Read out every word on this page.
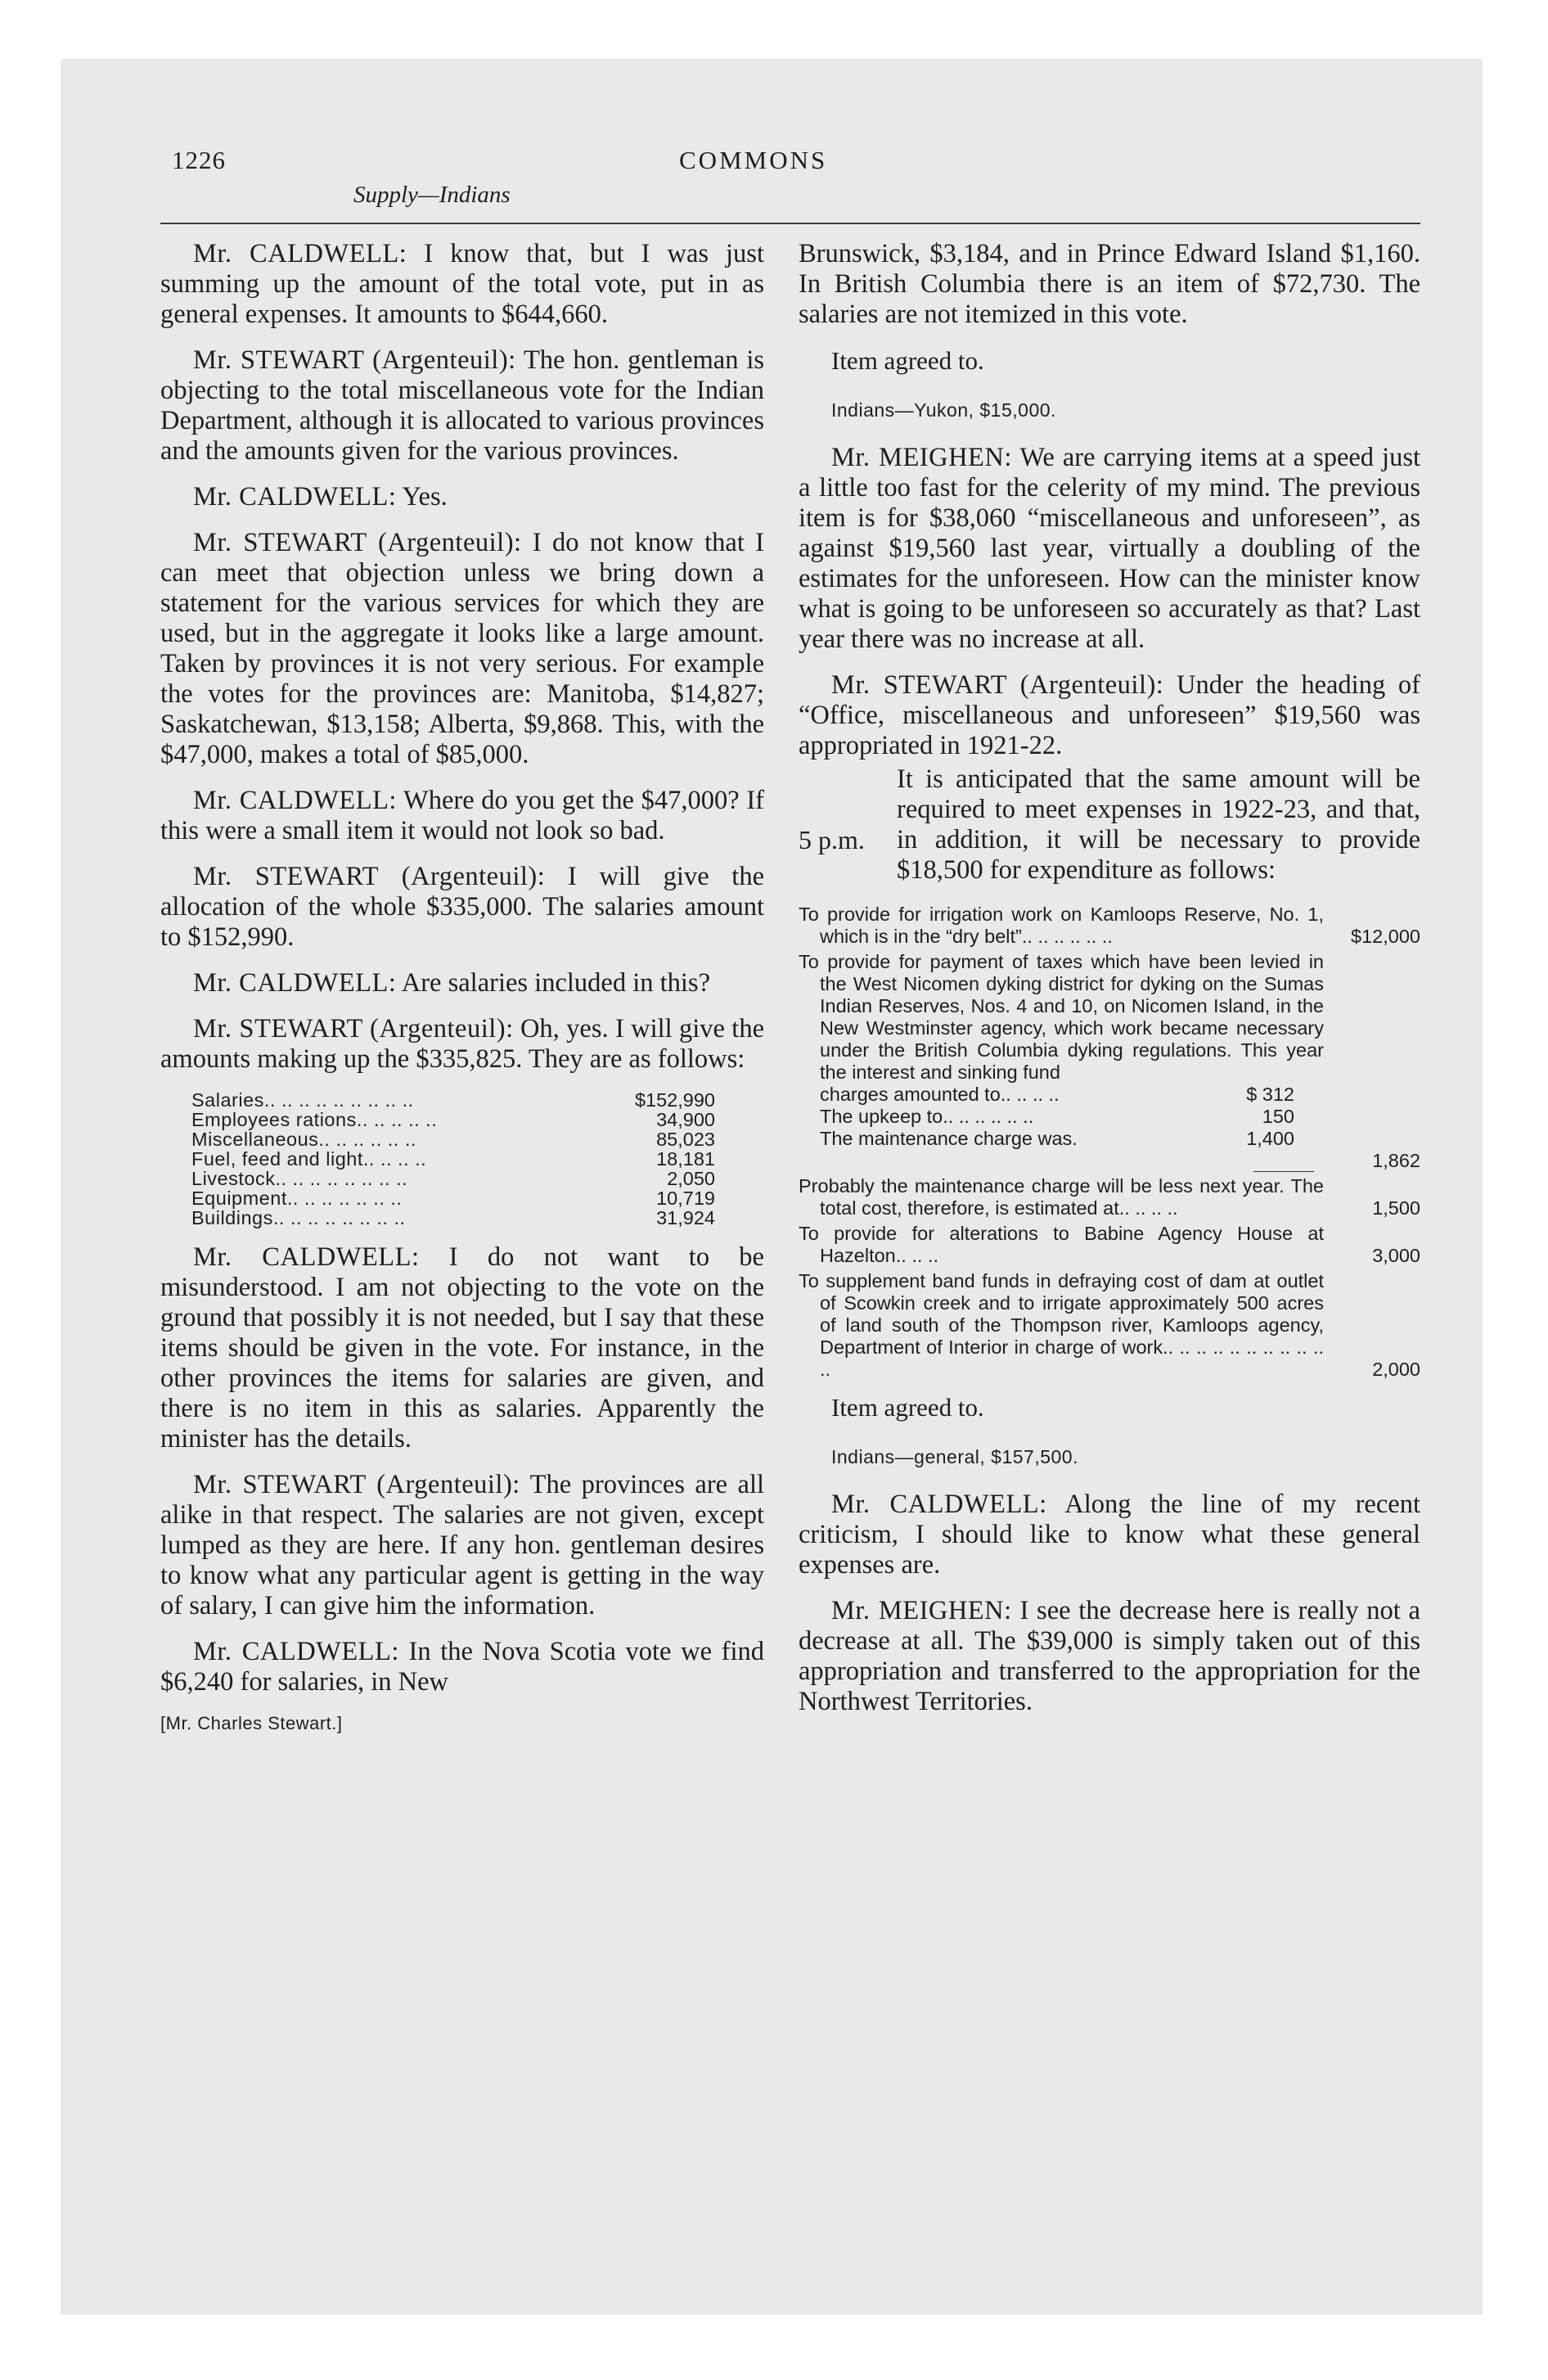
1226	COMMONS
Supply—Indians

Mr. CALDWELL: I know that, but I was just summing up the amount of the total vote, put in as general expenses. It amounts to $644,660.

Mr. STEWART (Argenteuil): The hon. gentleman is objecting to the total miscellaneous vote for the Indian Department, although it is allocated to various provinces and the amounts given for the various provinces.

Mr. CALDWELL: Yes.

Mr. STEWART (Argenteuil): I do not know that I can meet that objection unless we bring down a statement for the various services for which they are used, but in the aggregate it looks like a large amount. Taken by provinces it is not very serious. For example the votes for the provinces are: Manitoba, $14,827; Saskatchewan, $13,158; Alberta, $9,868. This, with the $47,000, makes a total of $85,000.

Mr. CALDWELL: Where do you get the $47,000? If this were a small item it would not look so bad.

Mr. STEWART (Argenteuil): I will give the allocation of the whole $335,000. The salaries amount to $152,990.

Mr. CALDWELL: Are salaries included in this?

Mr. STEWART (Argenteuil): Oh, yes. I will give the amounts making up the $335,825. They are as follows:

Salaries.. .. .. .. .. .. .. .. ..	$152,990
Employees rations.. .. .. .. ..	34,900
Miscellaneous.. .. .. .. .. ..	85,023
Fuel, feed and light.. .. .. ..	18,181
Livestock.. .. .. .. .. .. .. ..	2,050
Equipment.. .. .. .. .. .. ..	10,719
Buildings.. .. .. .. .. .. .. ..	31,924

Mr. CALDWELL: I do not want to be misunderstood. I am not objecting to the vote on the ground that possibly it is not needed, but I say that these items should be given in the vote. For instance, in the other provinces the items for salaries are given, and there is no item in this as salaries. Apparently the minister has the details.

Mr. STEWART (Argenteuil): The provinces are all alike in that respect. The salaries are not given, except lumped as they are here. If any hon. gentleman desires to know what any particular agent is getting in the way of salary, I can give him the information.

Mr. CALDWELL: In the Nova Scotia vote we find $6,240 for salaries, in New

[Mr. Charles Stewart.]

Brunswick, $3,184, and in Prince Edward Island $1,160. In British Columbia there is an item of $72,730. The salaries are not itemized in this vote.

Item agreed to.

Indians—Yukon, $15,000.

Mr. MEIGHEN: We are carrying items at a speed just a little too fast for the celerity of my mind. The previous item is for $38,060 “miscellaneous and unforeseen”, as against $19,560 last year, virtually a doubling of the estimates for the unforeseen. How can the minister know what is going to be unforeseen so accurately as that? Last year there was no increase at all.

Mr. STEWART (Argenteuil): Under the heading of “Office, miscellaneous and unforeseen” $19,560 was appropriated in 1921-22.

5 p.m.

It is anticipated that the same amount will be required to meet expenses in 1922-23, and that, in addition, it will be necessary to provide $18,500 for expenditure as follows:

To provide for irrigation work on Kamloops Reserve, No. 1, which is in the “dry belt”.. .. .. .. .. ..	$12,000
To provide for payment of taxes which have been levied in the West Nicomen dyking district for dyking on the Sumas Indian Reserves, Nos. 4 and 10, on Nicomen Island, in the New Westminster agency, which work became necessary under the British Columbia dyking regulations. This year the interest and sinking fund
charges amounted to.. .. .. ..	$ 312
The upkeep to.. .. .. .. .. ..	150
The maintenance charge was.	1,400
1,862
Probably the maintenance charge will be less next year. The total cost, therefore, is estimated at.. .. .. ..	1,500
To provide for alterations to Babine Agency House at Hazelton.. .. ..	3,000
To supplement band funds in defraying cost of dam at outlet of Scowkin creek and to irrigate approximately 500 acres of land south of the Thompson river, Kamloops agency, Department of Interior in charge of work.. .. .. .. .. .. .. .. .. .. ..	2,000

Item agreed to.

Indians—general, $157,500.

Mr. CALDWELL: Along the line of my recent criticism, I should like to know what these general expenses are.

Mr. MEIGHEN: I see the decrease here is really not a decrease at all. The $39,000 is simply taken out of this appropriation and transferred to the appropriation for the Northwest Territories.
